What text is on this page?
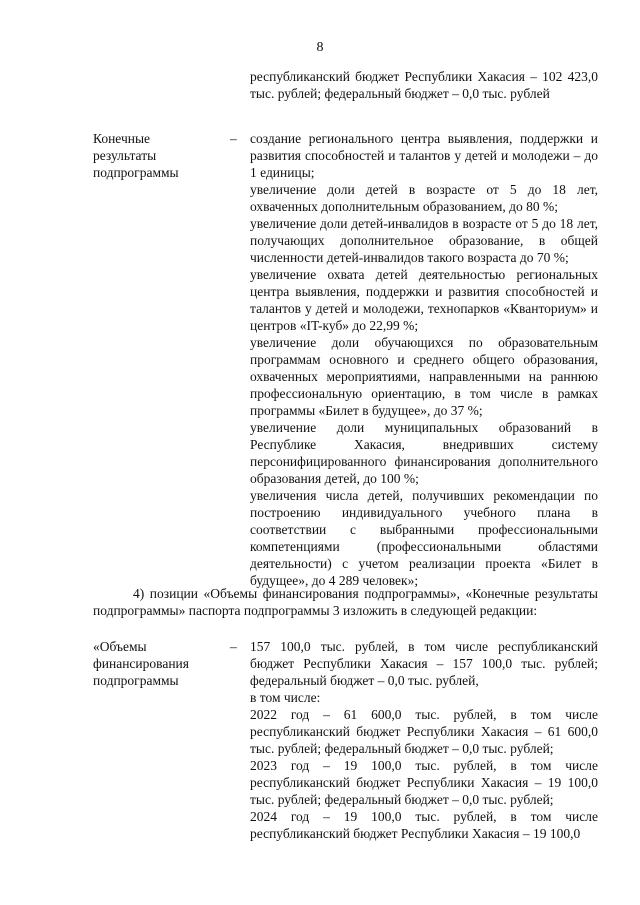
8

республиканский бюджет Республики Хакасия – 102 423,0 тыс. рублей; федеральный бюджет – 0,0 тыс. рублей

Конечные
результаты
подпрограммы
– создание регионального центра выявления, поддержки и развития способностей и талантов у детей и молодежи – до 1 единицы;

увеличение доли детей в возрасте от 5 до 18 лет, охваченных дополнительным образованием, до 80 %;

увеличение доли детей-инвалидов в возрасте от 5 до 18 лет, получающих дополнительное образование, в общей численности детей-инвалидов такого возраста до 70 %;

увеличение охвата детей деятельностью региональных центра выявления, поддержки и развития способностей и талантов у детей и молодежи, технопарков «Кванториум» и центров «IT-куб» до 22,99 %;

увеличение доли обучающихся по образовательным программам основного и среднего общего образования, охваченных мероприятиями, направленными на раннюю профессиональную ориентацию, в том числе в рамках программы «Билет в будущее», до 37 %;

увеличение доли муниципальных образований в Республике Хакасия, внедривших систему персонифицированного финансирования дополнительного образования детей, до 100 %;

увеличения числа детей, получивших рекомендации по построению индивидуального учебного плана в соответствии с выбранными профессиональными компетенциями (профессиональными областями деятельности) с учетом реализации проекта «Билет в будущее», до 4 289 человек»;

4) позиции «Объемы финансирования подпрограммы», «Конечные результаты подпрограммы» паспорта подпрограммы 3 изложить в следующей редакции:

«Объемы
финансирования
подпрограммы
– 157 100,0 тыс. рублей, в том числе республиканский бюджет Республики Хакасия – 157 100,0 тыс. рублей; федеральный бюджет – 0,0 тыс. рублей,

в том числе:

2022 год – 61 600,0 тыс. рублей, в том числе республиканский бюджет Республики Хакасия – 61 600,0 тыс. рублей; федеральный бюджет – 0,0 тыс. рублей;

2023 год – 19 100,0 тыс. рублей, в том числе республиканский бюджет Республики Хакасия – 19 100,0 тыс. рублей; федеральный бюджет – 0,0 тыс. рублей;

2024 год – 19 100,0 тыс. рублей, в том числе республиканский бюджет Республики Хакасия – 19 100,0
